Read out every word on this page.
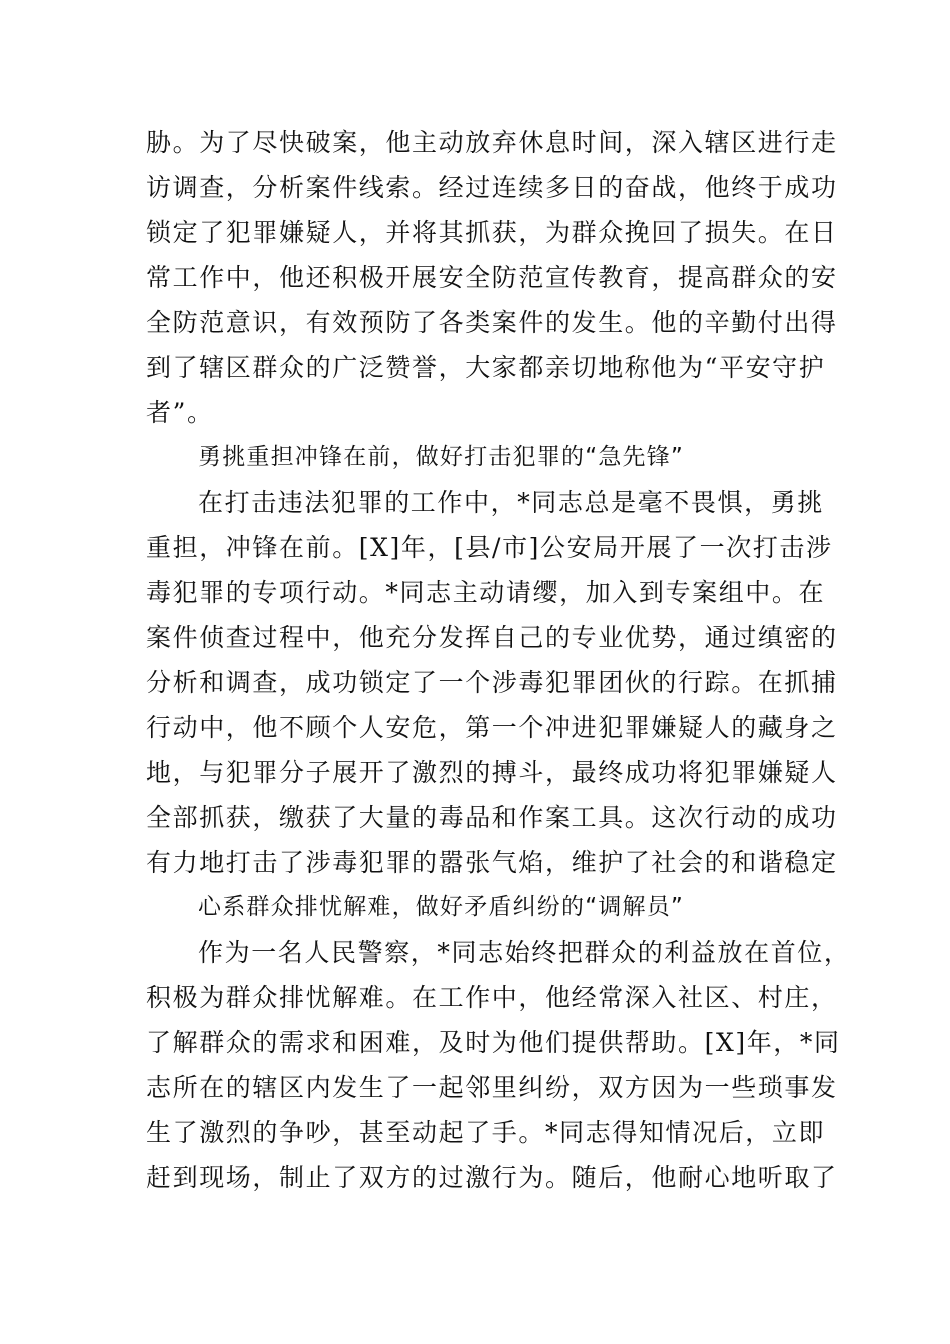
胁。为了尽快破案，他主动放弃休息时间，深入辖区进行走
访调查，分析案件线索。经过连续多日的奋战，他终于成功
锁定了犯罪嫌疑人，并将其抓获，为群众挽回了损失。在日
常工作中，他还积极开展安全防范宣传教育，提高群众的安
全防范意识，有效预防了各类案件的发生。他的辛勤付出得
到了辖区群众的广泛赞誉，大家都亲切地称他为“平安守护
者”。
勇挑重担冲锋在前，做好打击犯罪的“急先锋”
在打击违法犯罪的工作中，*同志总是毫不畏惧，勇挑
重担，冲锋在前。[X]年，[县/市]公安局开展了一次打击涉
毒犯罪的专项行动。*同志主动请缨，加入到专案组中。在
案件侦查过程中，他充分发挥自己的专业优势，通过缜密的
分析和调查，成功锁定了一个涉毒犯罪团伙的行踪。在抓捕
行动中，他不顾个人安危，第一个冲进犯罪嫌疑人的藏身之
地，与犯罪分子展开了激烈的搏斗，最终成功将犯罪嫌疑人
全部抓获，缴获了大量的毒品和作案工具。这次行动的成功
有力地打击了涉毒犯罪的嚣张气焰，维护了社会的和谐稳定
心系群众排忧解难，做好矛盾纠纷的“调解员”
作为一名人民警察，*同志始终把群众的利益放在首位，
积极为群众排忧解难。在工作中，他经常深入社区、村庄，
了解群众的需求和困难，及时为他们提供帮助。[X]年，*同
志所在的辖区内发生了一起邻里纠纷，双方因为一些琐事发
生了激烈的争吵，甚至动起了手。*同志得知情况后，立即
赶到现场，制止了双方的过激行为。随后，他耐心地听取了
